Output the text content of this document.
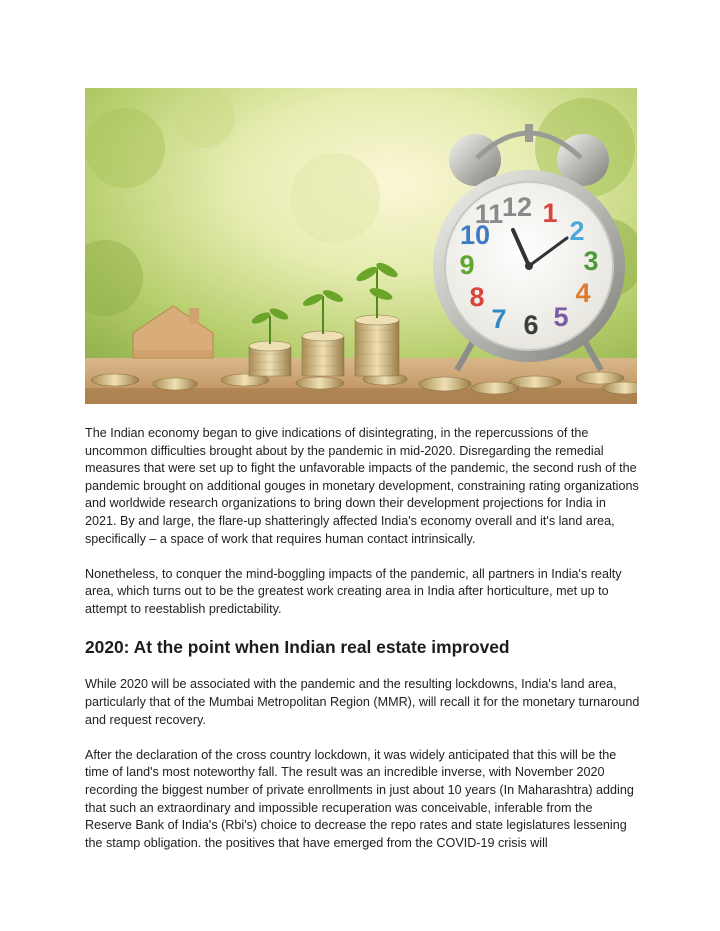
12 1
2
3
4
5
6
7
8
9
10
11

The Indian economy began to give indications of disintegrating, in the repercussions of the uncommon difficulties brought about by the pandemic in mid-2020. Disregarding the remedial measures that were set up to fight the unfavorable impacts of the pandemic, the second rush of the pandemic brought on additional gouges in monetary development, constraining rating organizations and worldwide research organizations to bring down their development projections for India in 2021. By and large, the flare-up shatteringly affected India's economy overall and it's land area, specifically – a space of work that requires human contact intrinsically.

Nonetheless, to conquer the mind-boggling impacts of the pandemic, all partners in India's realty area, which turns out to be the greatest work creating area in India after horticulture, met up to attempt to reestablish predictability.

2020: At the point when Indian real estate improved

While 2020 will be associated with the pandemic and the resulting lockdowns, India's land area, particularly that of the Mumbai Metropolitan Region (MMR), will recall it for the monetary turnaround and request recovery.

After the declaration of the cross country lockdown, it was widely anticipated that this will be the time of land's most noteworthy fall. The result was an incredible inverse, with November 2020 recording the biggest number of private enrollments in just about 10 years (In Maharashtra) adding that such an extraordinary and impossible recuperation was conceivable, inferable from the Reserve Bank of India's (Rbi's) choice to decrease the repo rates and state legislatures lessening the stamp obligation. the positives that have emerged from the COVID-19 crisis will
